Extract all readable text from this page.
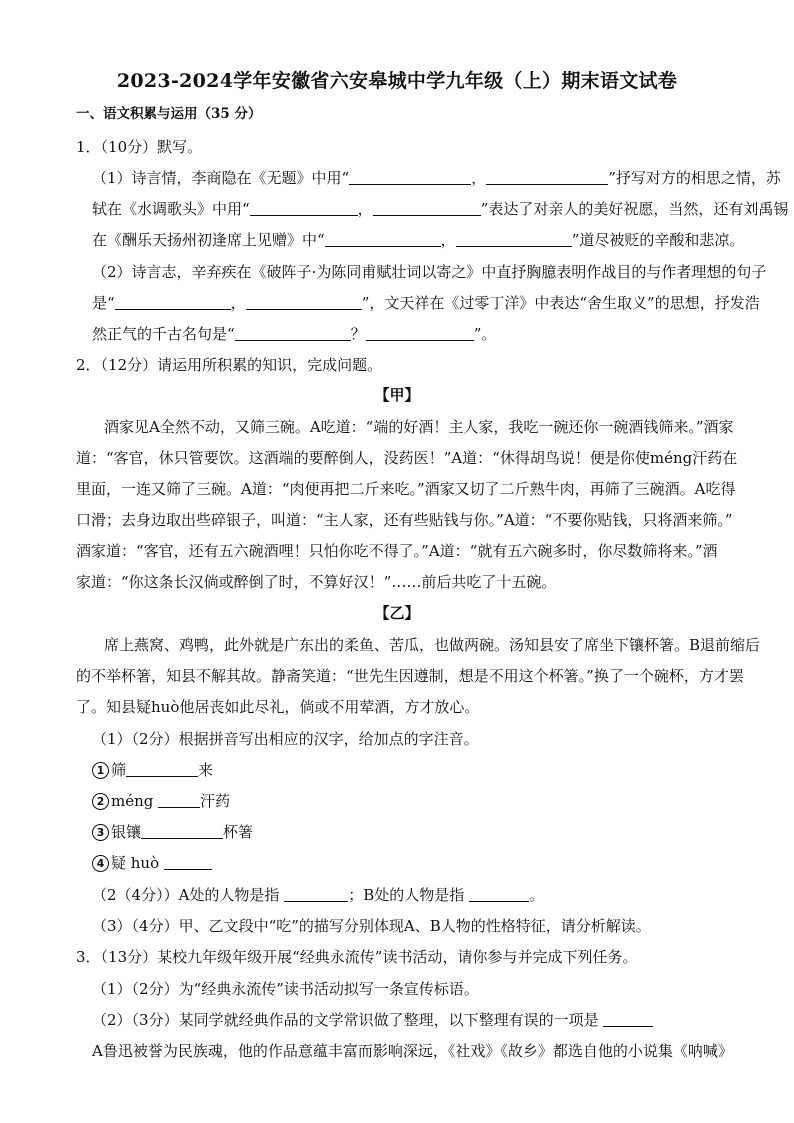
2023-2024学年安徽省六安皋城中学九年级（上）期末语文试卷
一、语文积累与运用（35 分）
1．（10分）默写。
（1）诗言情，李商隐在《无题》中用“	，	”抒写对方的相思之情，苏
轼在《水调歌头》中用“	，	”表达了对亲人的美好祝愿，当然，还有刘禹锡
在《酬乐天扬州初逢席上见赠》中“	，	”道尽被贬的辛酸和悲凉。
（2）诗言志，辛弃疾在《破阵子·为陈同甫赋壮词以寄之》中直抒胸臆表明作战目的与作者理想的句子
是“	，	”，文天祥在《过零丁洋》中表达“舍生取义”的思想，抒发浩
然正气的千古名句是“	？	”。
2．（12分）请运用所积累的知识，完成问题。
【甲】
酒家见A全然不动，又筛三碗。A吃道：“端的好酒！主人家，我吃一碗还你一碗酒钱筛来。”酒家
道：“客官，休只管要饮。这酒端的要醉倒人，没药医！”A道：“休得胡鸟说！便是你使méng汗药在
里面，一连又筛了三碗。A道：“肉便再把二斤来吃。”酒家又切了二斤熟牛肉，再筛了三碗酒。A吃得
口滑；去身边取出些碎银子，叫道：“主人家，还有些贴钱与你。”A道：“不要你贴钱，只将酒来筛。”
酒家道：“客官，还有五六碗酒哩！只怕你吃不得了。”A道：“就有五六碗多时，你尽数筛将来。”酒
家道：“你这条长汉倘或醉倒了时，不算好汉！”……前后共吃了十五碗。
【乙】
席上燕窝、鸡鸭，此外就是广东出的柔鱼、苦瓜，也做两碗。汤知县安了席坐下镶杯箸。B退前缩后
的不举杯箸，知县不解其故。静斋笑道：“世先生因遵制，想是不用这个杯箸。”换了一个碗杯，方才罢
了。知县疑huò他居丧如此尽礼，倘或不用荤酒，方才放心。
（1）（2分）根据拼音写出相应的汉字，给加点的字注音。
1 筛	来
2 méng	汗药
3 银镶	杯箸
4 疑 huò
（2（4分））A处的人物是指	；B处的人物是指	。
（3）（4分）甲、乙文段中“吃”的描写分别体现A、B人物的性格特征，请分析解读。
3．（13分）某校九年级年级开展“经典永流传”读书活动，请你参与并完成下列任务。
（1）（2分）为“经典永流传”读书活动拟写一条宣传标语。
（2）（3分）某同学就经典作品的文学常识做了整理，以下整理有误的一项是
A鲁迅被誉为民族魂，他的作品意蕴丰富而影响深远，《社戏》《故乡》都选自他的小说集《呐喊》
